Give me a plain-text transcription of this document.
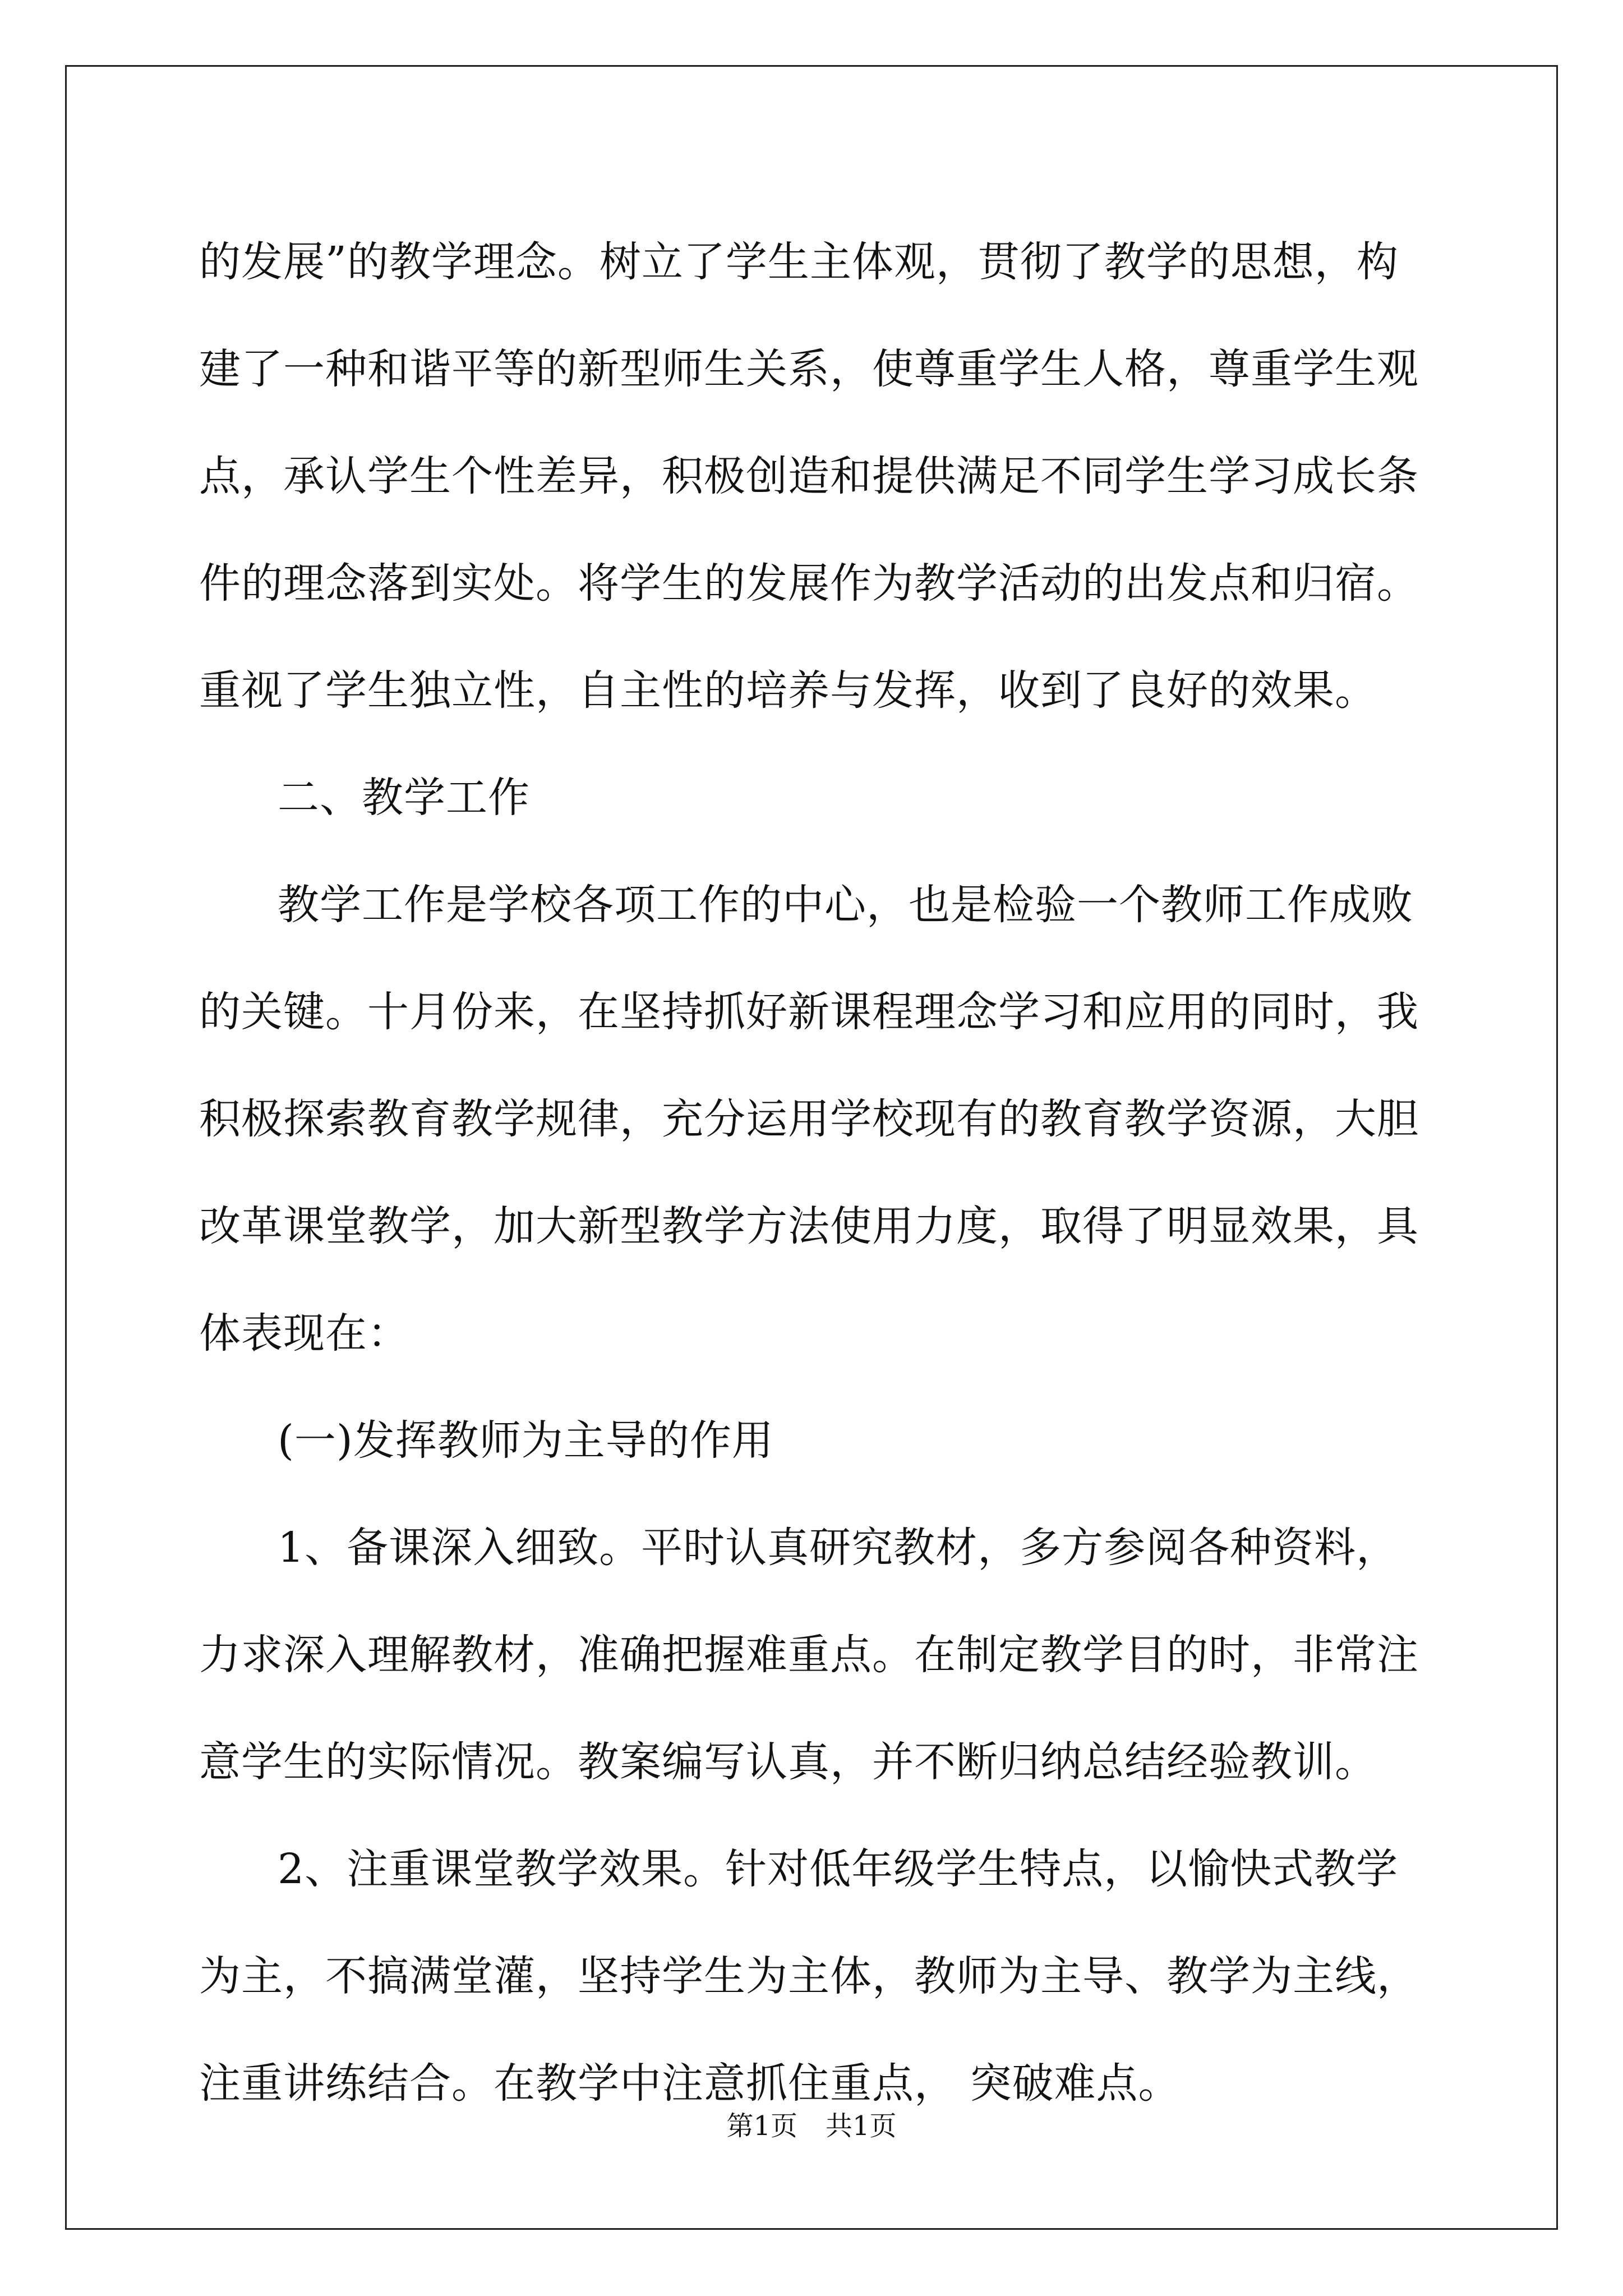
的发展”的教学理念。树立了学生主体观，贯彻了教学的思想，构建了一种和谐平等的新型师生关系，使尊重学生人格，尊重学生观点，承认学生个性差异，积极创造和提供满足不同学生学习成长条件的理念落到实处。将学生的发展作为教学活动的出发点和归宿。重视了学生独立性，自主性的培养与发挥，收到了良好的效果。

二、教学工作

教学工作是学校各项工作的中心，也是检验一个教师工作成败的关键。十月份来，在坚持抓好新课程理念学习和应用的同时，我积极探索教育教学规律，充分运用学校现有的教育教学资源，大胆改革课堂教学，加大新型教学方法使用力度，取得了明显效果，具体表现在：

(一)发挥教师为主导的作用

1、备课深入细致。平时认真研究教材，多方参阅各种资料，力求深入理解教材，准确把握难重点。在制定教学目的时，非常注意学生的实际情况。教案编写认真，并不断归纳总结经验教训。

2、注重课堂教学效果。针对低年级学生特点，以愉快式教学为主，不搞满堂灌，坚持学生为主体，教师为主导、教学为主线，注重讲练结合。在教学中注意抓住重点， 突破难点。

第1页 共1页
